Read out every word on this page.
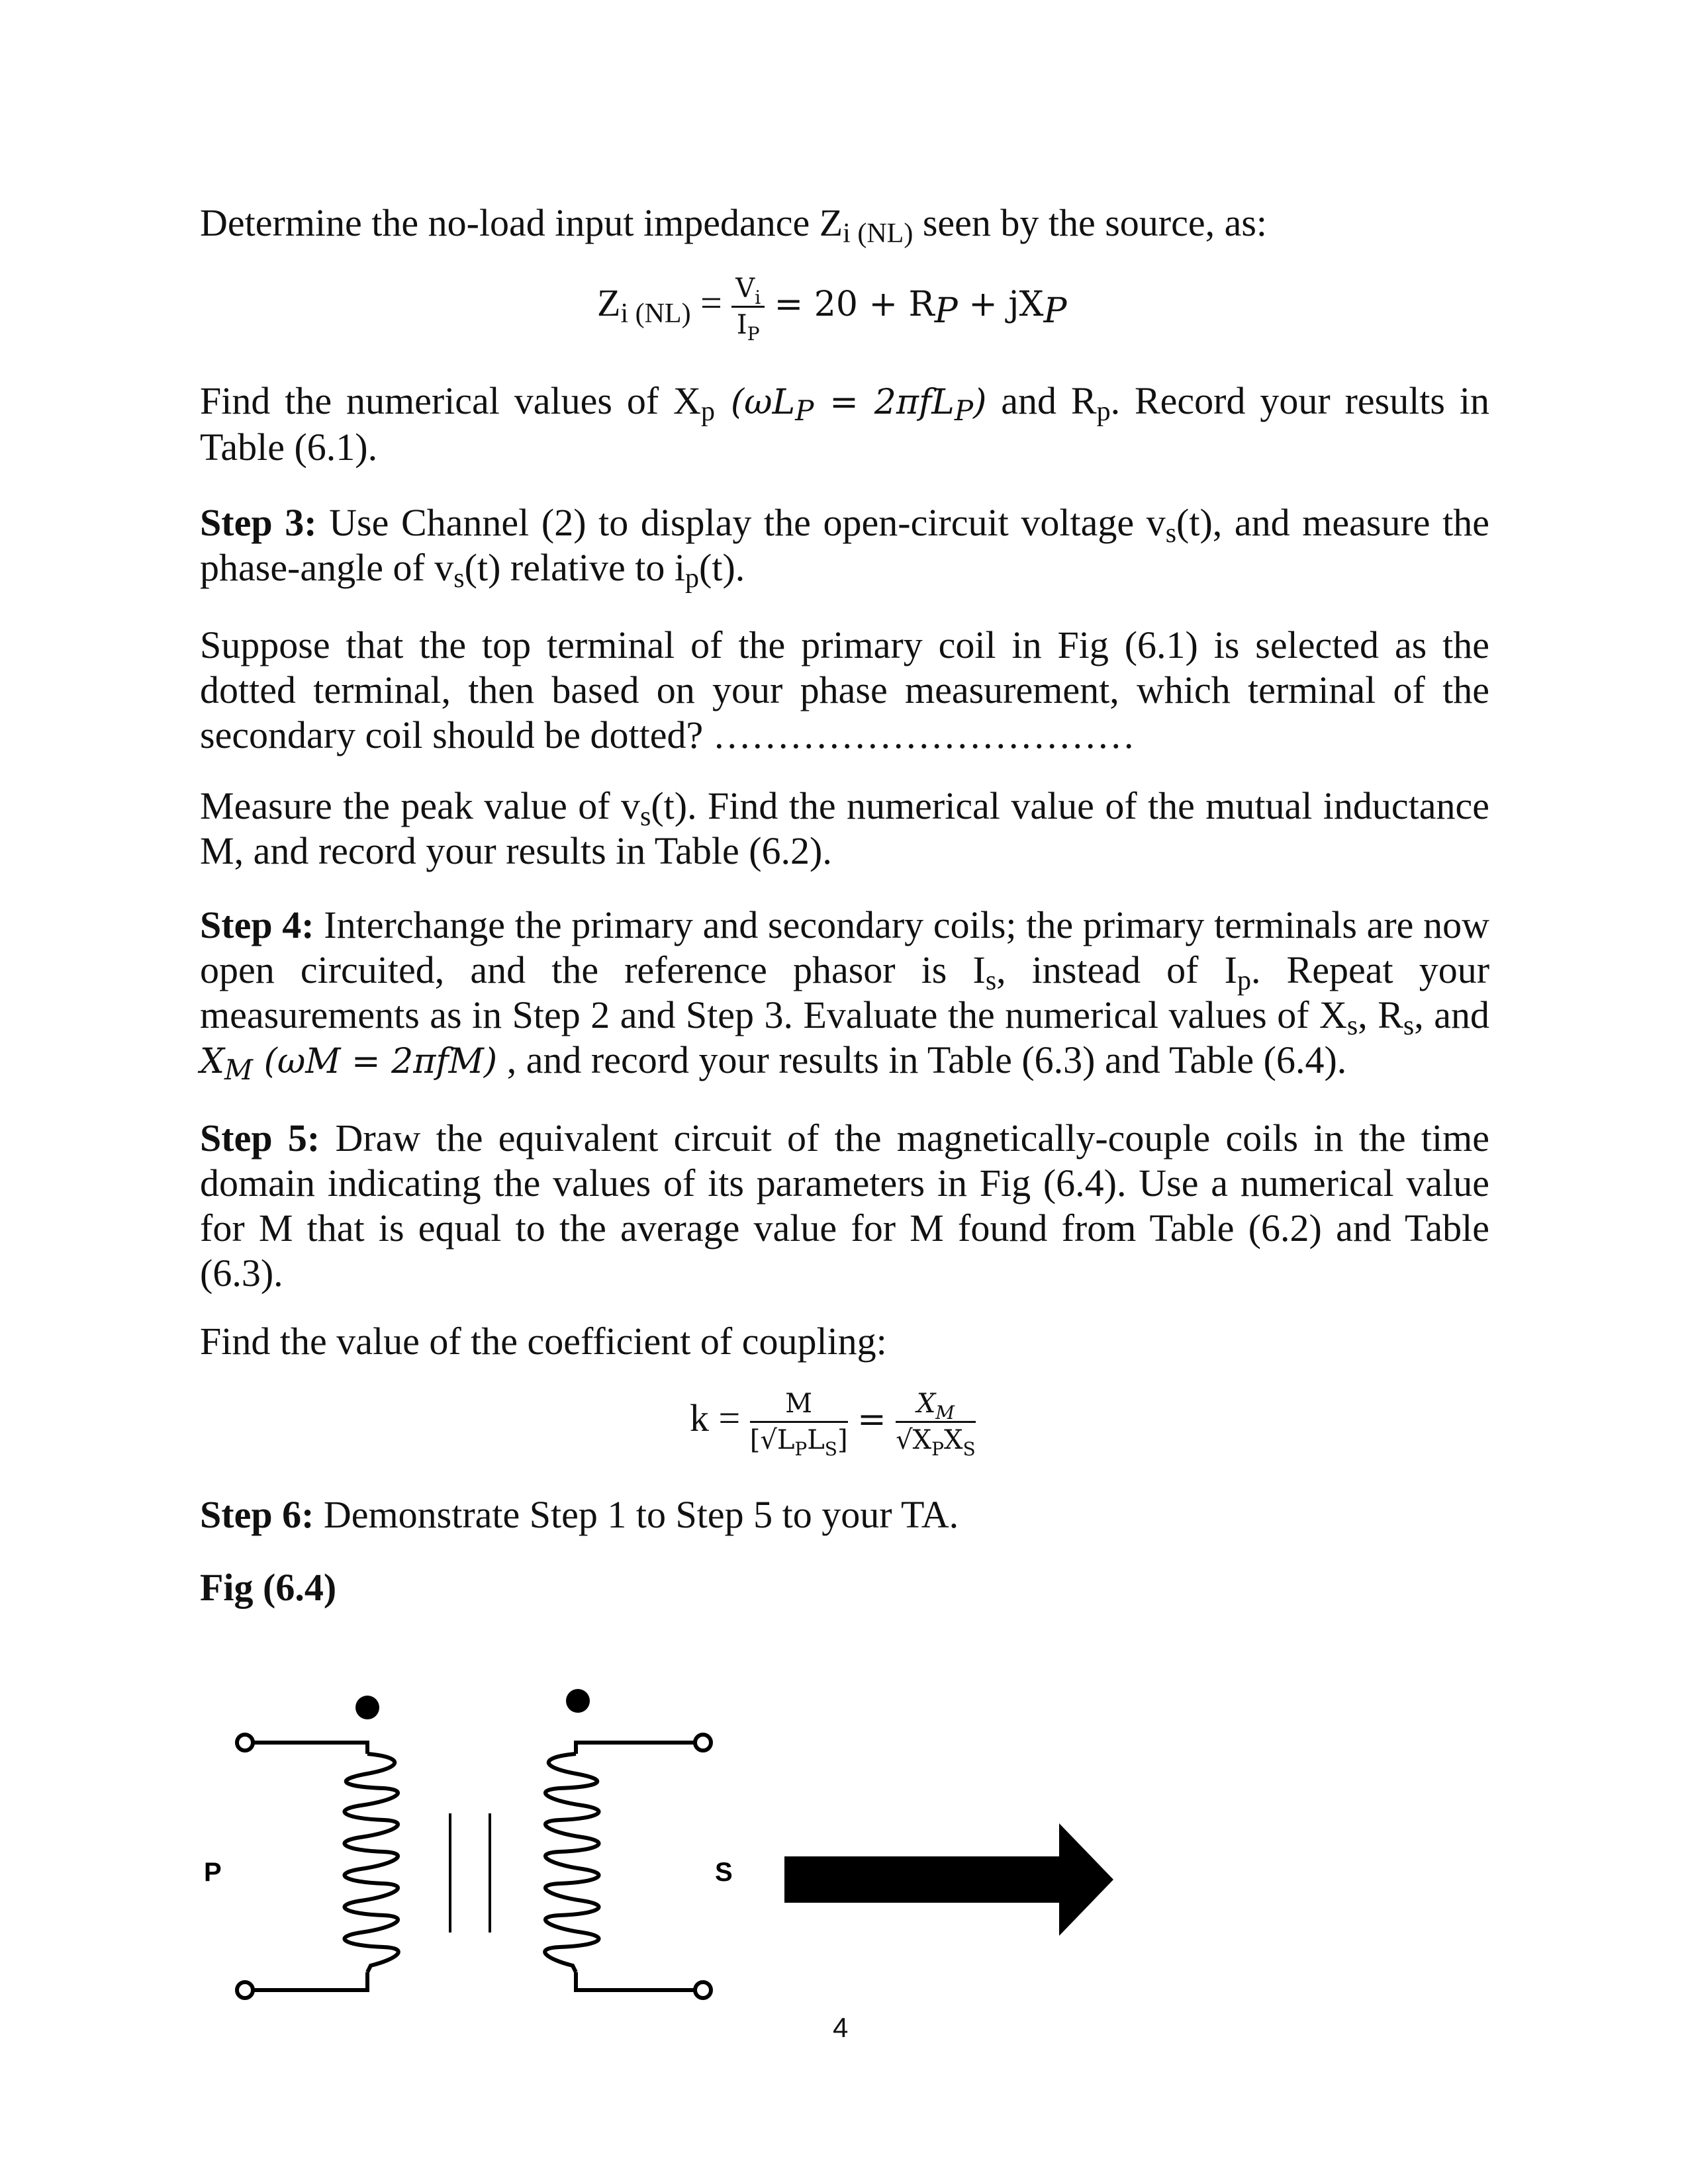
Determine the no-load input impedance $Z_{i (NL)}$ seen by the source, as:

$Z_{i (NL)} = \frac{V_i}{I_P} = 20 + R_P + jX_P$

Find the numerical values of $X_p$ $(\omega L_P = 2\pi fL_P)$ and $R_p$. Record your results in Table (6.1).

Step 3: Use Channel (2) to display the open-circuit voltage $v_s(t)$, and measure the phase-angle of $v_s(t)$ relative to $i_p(t)$.

Suppose that the top terminal of the primary coil in Fig (6.1) is selected as the dotted terminal, then based on your phase measurement, which terminal of the secondary coil should be dotted? ……………………………

Measure the peak value of $v_s(t)$. Find the numerical value of the mutual inductance M, and record your results in Table (6.2).

Step 4: Interchange the primary and secondary coils; the primary terminals are now open circuited, and the reference phasor is $I_s$, instead of $I_p$. Repeat your measurements as in Step 2 and Step 3. Evaluate the numerical values of $X_s$, $R_s$, and $X_M$ (ωM = 2πfM) , and record your results in Table (6.3) and Table (6.4).

Step 5: Draw the equivalent circuit of the magnetically-couple coils in the time domain indicating the values of its parameters in Fig (6.4). Use a numerical value for M that is equal to the average value for M found from Table (6.2) and Table (6.3).

Find the value of the coefficient of coupling:

$k = \frac{M}{[√L_PL_S]} = \frac{X_M}{√X_PX_S}$

Step 6: Demonstrate Step 1 to Step 5 to your TA.

Fig (6.4)

P	S
4
